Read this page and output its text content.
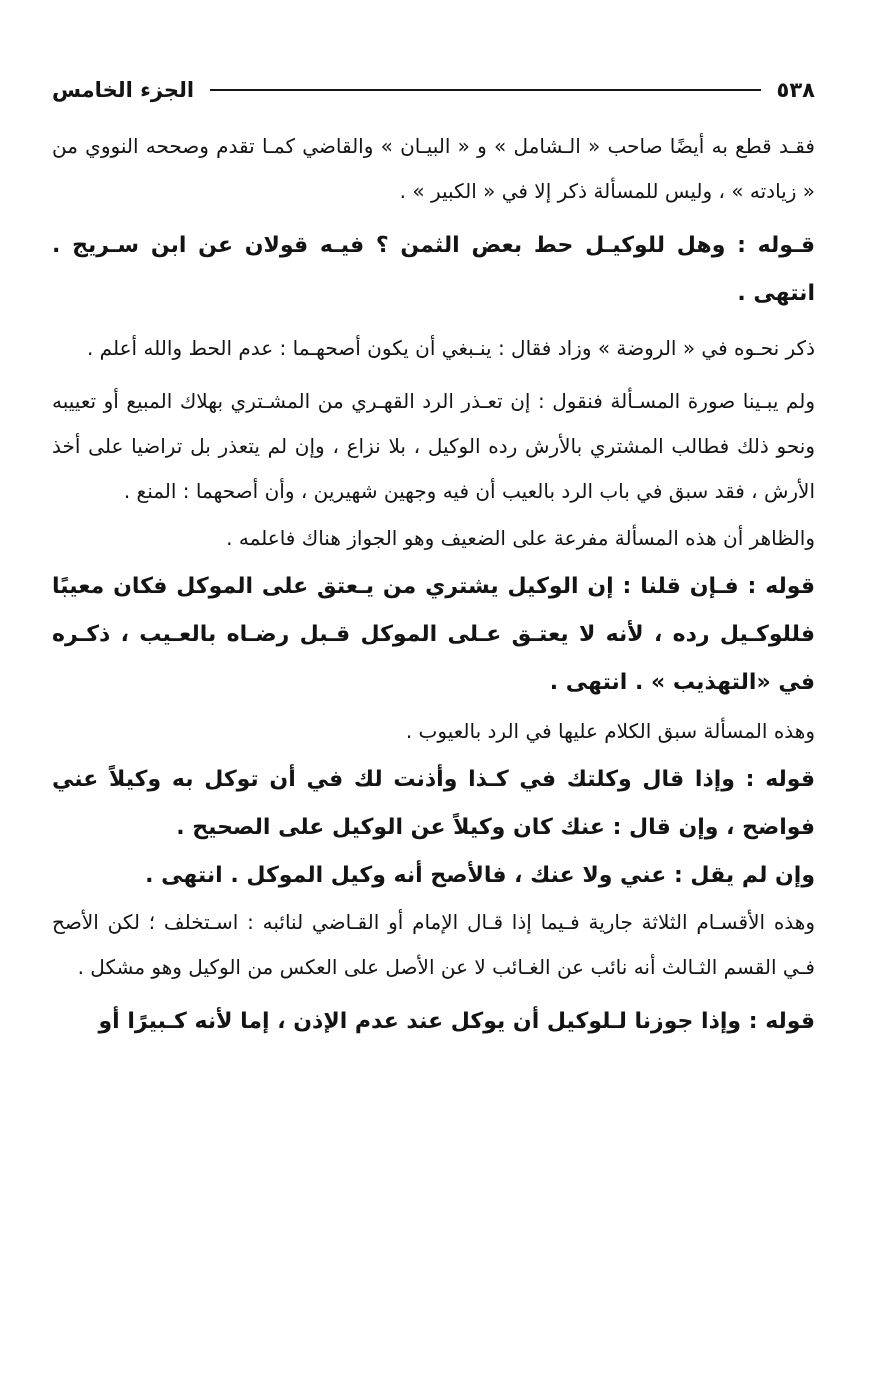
٥٣٨
الجزء الخامس

فقـد قطع به أيضًا صاحب « الـشامل » و « البيـان » والقاضي كمـا تقدم وصححه النووي من « زيادته » ، وليس للمسألة ذكر إلا في « الكبير » .

قـوله : وهل للوكيـل حط بعض الثمن ؟ فيـه قولان عن ابن سـريج . انتهى .

ذكر نحـوه في « الروضة » وزاد فقال : ينـبغي أن يكون أصحهـما : عدم الحط والله أعلم .

ولم يبـينا صورة المسـألة فنقول : إن تعـذر الرد القهـري من المشـتري بهلاك المبيع أو تعييبه ونحو ذلك فطالب المشتري بالأرش رده الوكيل ، بلا نزاع ، وإن لم يتعذر بل تراضيا على أخذ الأرش ، فقد سبق في باب الرد بالعيب أن فيه وجهين شهيرين ، وأن أصحهما : المنع .

والظاهر أن هذه المسألة مفرعة على الضعيف وهو الجواز هناك فاعلمه .

قوله : فـإن قلنا : إن الوكيل يشتري من يـعتق على الموكل فكان معيبًا فللوكـيل رده ، لأنه لا يعتـق عـلى الموكل قـبل رضـاه بالعـيب ، ذكـره في «التهذيب » . انتهى .

وهذه المسألة سبق الكلام عليها في الرد بالعيوب .

قوله : وإذا قال وكلتك في كـذا وأذنت لك في أن توكل به وكيلاً عني فواضح ، وإن قال : عنك كان وكيلاً عن الوكيل على الصحيح .

وإن لم يقل : عني ولا عنك ، فالأصح أنه وكيل الموكل . انتهى .

وهذه الأقسـام الثلاثة جارية فـيما إذا قـال الإمام أو القـاضي لنائبه : اسـتخلف ؛ لكن الأصح فـي القسم الثـالث أنه نائب عن الغـائب لا عن الأصل على العكس من الوكيل وهو مشكل .

قوله : وإذا جوزنا لـلوكيل أن يوكل عند عدم الإذن ، إما لأنه كـبيرًا أو
